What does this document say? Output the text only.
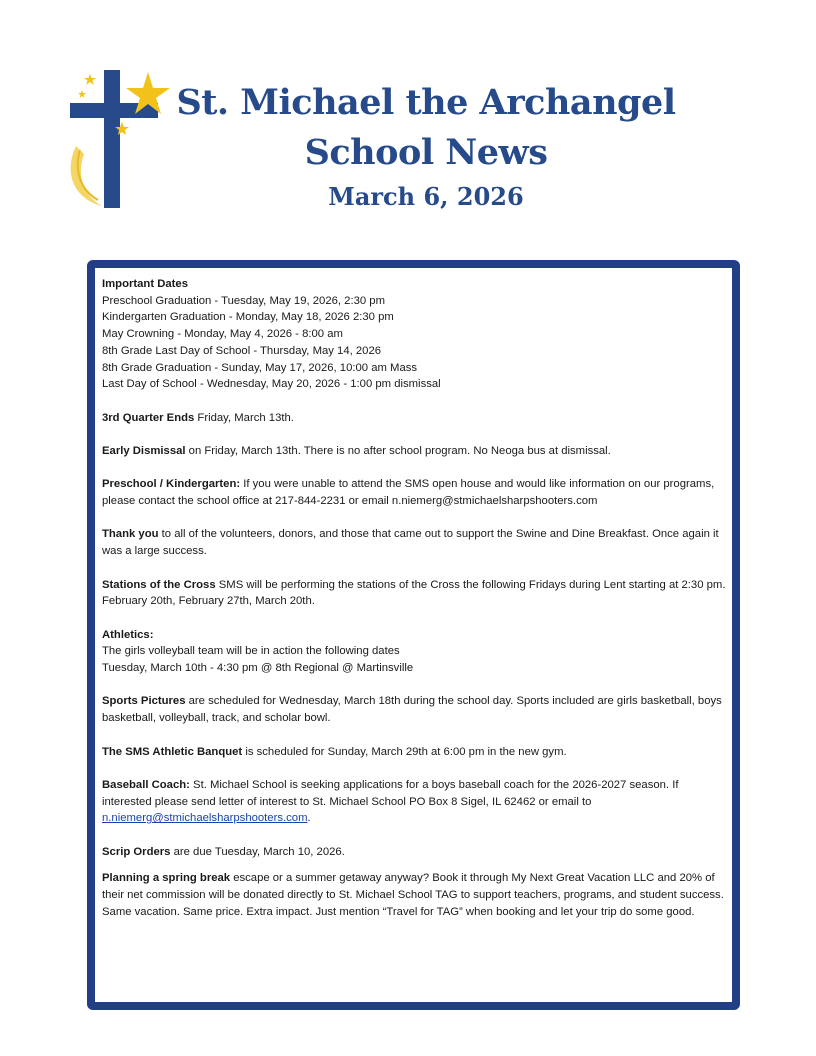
St. Michael the Archangel
School News
March 6, 2026

Important Dates
Preschool Graduation - Tuesday, May 19, 2026, 2:30 pm
Kindergarten Graduation - Monday, May 18, 2026 2:30 pm
May Crowning - Monday, May 4, 2026 - 8:00 am
8th Grade Last Day of School - Thursday, May 14, 2026
8th Grade Graduation - Sunday, May 17, 2026, 10:00 am Mass
Last Day of School - Wednesday, May 20, 2026 - 1:00 pm dismissal

3rd Quarter Ends Friday, March 13th.

Early Dismissal on Friday, March 13th. There is no after school program. No Neoga bus at dismissal.

Preschool / Kindergarten: If you were unable to attend the SMS open house and would like information on our programs, please contact the school office at 217-844-2231 or email n.niemerg@stmichaelsharpshooters.com

Thank you to all of the volunteers, donors, and those that came out to support the Swine and Dine Breakfast. Once again it was a large success.

Stations of the Cross SMS will be performing the stations of the Cross the following Fridays during Lent starting at 2:30 pm.
February 20th, February 27th, March 20th.

Athletics:
The girls volleyball team will be in action the following dates
Tuesday, March 10th - 4:30 pm @ 8th Regional @ Martinsville

Sports Pictures are scheduled for Wednesday, March 18th during the school day. Sports included are girls basketball, boys basketball, volleyball, track, and scholar bowl.

The SMS Athletic Banquet is scheduled for Sunday, March 29th at 6:00 pm in the new gym.

Baseball Coach: St. Michael School is seeking applications for a boys baseball coach for the 2026-2027 season. If interested please send letter of interest to St. Michael School PO Box 8 Sigel, IL 62462 or email to n.niemerg@stmichaelsharpshooters.com.

Scrip Orders are due Tuesday, March 10, 2026.

Planning a spring break escape or a summer getaway anyway? Book it through My Next Great Vacation LLC and 20% of their net commission will be donated directly to St. Michael School TAG to support teachers, programs, and student success. Same vacation. Same price. Extra impact. Just mention “Travel for TAG” when booking and let your trip do some good.
